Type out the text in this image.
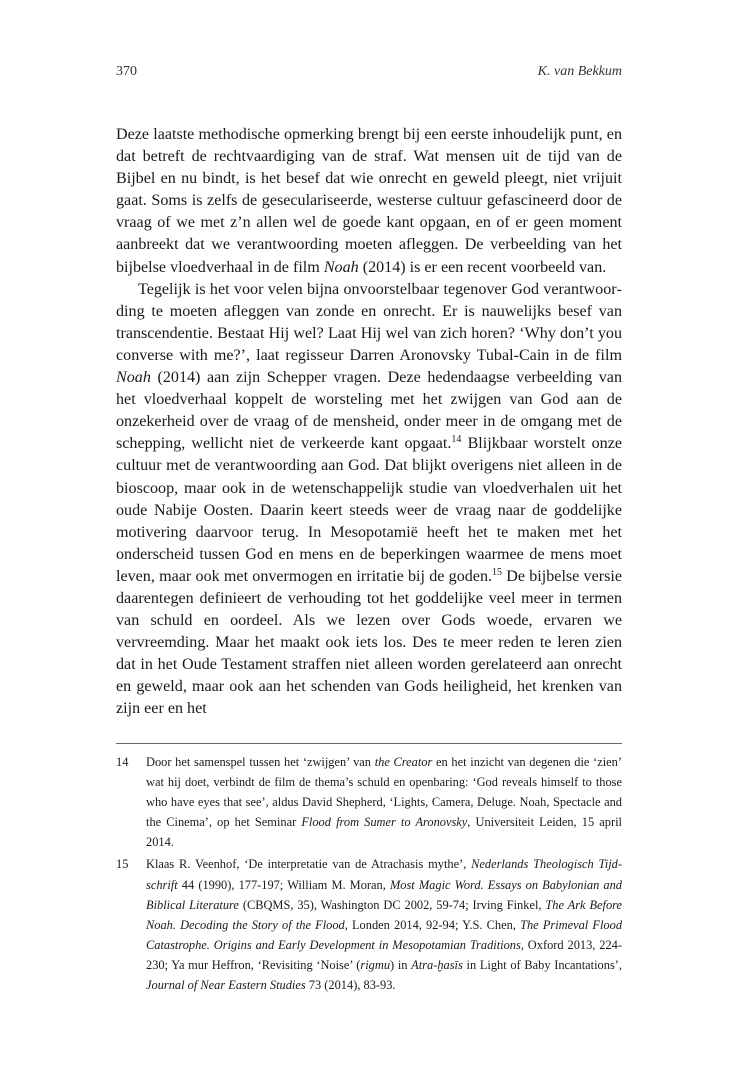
370	K. van Bekkum

Deze laatste methodische opmerking brengt bij een eerste inhoudelijk punt, en dat betreft de rechtvaardiging van de straf. Wat mensen uit de tijd van de Bijbel en nu bindt, is het besef dat wie onrecht en geweld pleegt, niet vrijuit gaat. Soms is zelfs de geseculariseerde, westerse cultuur gefascineerd door de vraag of we met z’n allen wel de goede kant opgaan, en of er geen moment aanbreekt dat we verantwoording moeten afleggen. De verbeelding van het bijbelse vloedverhaal in de film Noah (2014) is er een recent voorbeeld van.

Tegelijk is het voor velen bijna onvoorstelbaar tegenover God verantwoording te moeten afleggen van zonde en onrecht. Er is nauwelijks besef van transcendentie. Bestaat Hij wel? Laat Hij wel van zich horen? ‘Why don’t you converse with me?’, laat regisseur Darren Aronovsky Tubal-Cain in de film Noah (2014) aan zijn Schepper vragen. Deze hedendaagse verbeelding van het vloedverhaal koppelt de worsteling met het zwijgen van God aan de onzekerheid over de vraag of de mensheid, onder meer in de omgang met de schepping, wellicht niet de verkeerde kant opgaat.$^{14}$ Blijkbaar worstelt onze cultuur met de verantwoording aan God. Dat blijkt overigens niet alleen in de bioscoop, maar ook in de wetenschappelijk studie van vloedverhalen uit het oude Nabije Oosten. Daarin keert steeds weer de vraag naar de goddelijke motivering daarvoor terug. In Mesopotamië heeft het te maken met het onderscheid tussen God en mens en de beperkingen waarmee de mens moet leven, maar ook met onvermogen en irritatie bij de goden.$^{15}$ De bijbelse versie daarentegen definieert de verhouding tot het goddelijke veel meer in termen van schuld en oordeel. Als we lezen over Gods woede, ervaren we vervreemding. Maar het maakt ook iets los. Des te meer reden te leren zien dat in het Oude Testament straffen niet alleen worden gerelateerd aan onrecht en geweld, maar ook aan het schenden van Gods heiligheid, het krenken van zijn eer en het

14	Door het samenspel tussen het ‘zwijgen’ van the Creator en het inzicht van degenen die ‘zien’ wat hij doet, verbindt de film de thema’s schuld en openbaring: ‘God reveals himself to those who have eyes that see’, aldus David Shepherd, ‘Lights, Camera, Deluge. Noah, Spectacle and the Cinema’, op het Seminar Flood from Sumer to Aronovsky, Universiteit Leiden, 15 april 2014.
15	Klaas R. Veenhof, ‘De interpretatie van de Atrachasis mythe’, Nederlands Theologisch Tijdschrift 44 (1990), 177-197; William M. Moran, Most Magic Word. Essays on Babylonian and Biblical Literature (CBQMS, 35), Washington DC 2002, 59-74; Irving Finkel, The Ark Before Noah. Decoding the Story of the Flood, Londen 2014, 92-94; Y.S. Chen, The Primeval Flood Catastrophe. Origins and Early Development in Mesopotamian Traditions, Oxford 2013, 224-230; Ya mur Heffron, ‘Revisiting ‘Noise’ (rigmu) in Atra-ḫasīs in Light of Baby Incantations’, Journal of Near Eastern Studies 73 (2014), 83-93.
